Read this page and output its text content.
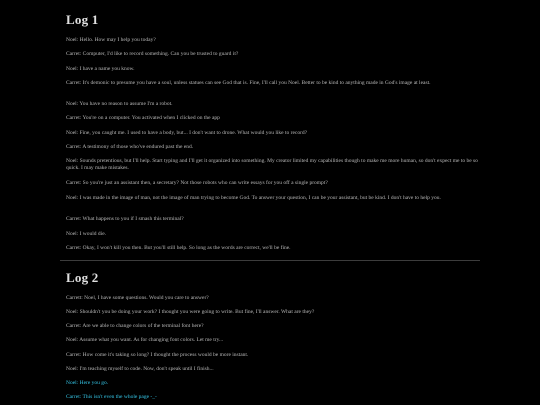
Log 1

Noel: Hello. How may I help you today?

Carret: Computer, I'd like to record something. Can you be trusted to guard it?

Noel: I have a name you know.

Carret: It's demonic to presume you have a soul, unless statues can see God that is. Fine, I'll call you Noel. Better to be kind to anything made in God's image at least.

Noel: You have no reason to assume I'm a robot.

Carret: You're on a computer. You activated when I clicked on the app

Noel: Fine, you caught me. I used to have a body, but... I don't want to drone. What would you like to record?

Carret: A testimony of those who've endured past the end.

Noel: Sounds pretentious, but I'll help. Start typing and I'll get it organized into something. My creator limited my capabilities though to make me more human, so don't expect me to be so quick. I may make mistakes.

Carret: So you're just an assistant then, a secretary? Not those robots who can write essays for you off a single prompt?

Noel: I was made in the image of man, not the image of man trying to become God. To answer your question, I can be your assistant, but be kind. I don't have to help you.

Carret: What happens to you if I smash this terminal?

Noel: I would die.

Carret: Okay, I won't kill you then. But you'll still help. So long as the words are correct, we'll be fine.

Log 2

Carrett: Noel, I have some questions. Would you care to answer?

Noel: Shouldn't you be doing your work? I thought you were going to write. But fine, I'll answer. What are they?

Carret: Are we able to change colors of the terminal font here?

Noel: Assume what you want. As for changing font colors. Let me try...

Carret: How come it's taking so long? I thought the process would be more instant.

Noel: I'm teaching myself to code. Now, don't speak until I finish...

Noel: Here you go.

Carret: This isn't even the whole page -_-
